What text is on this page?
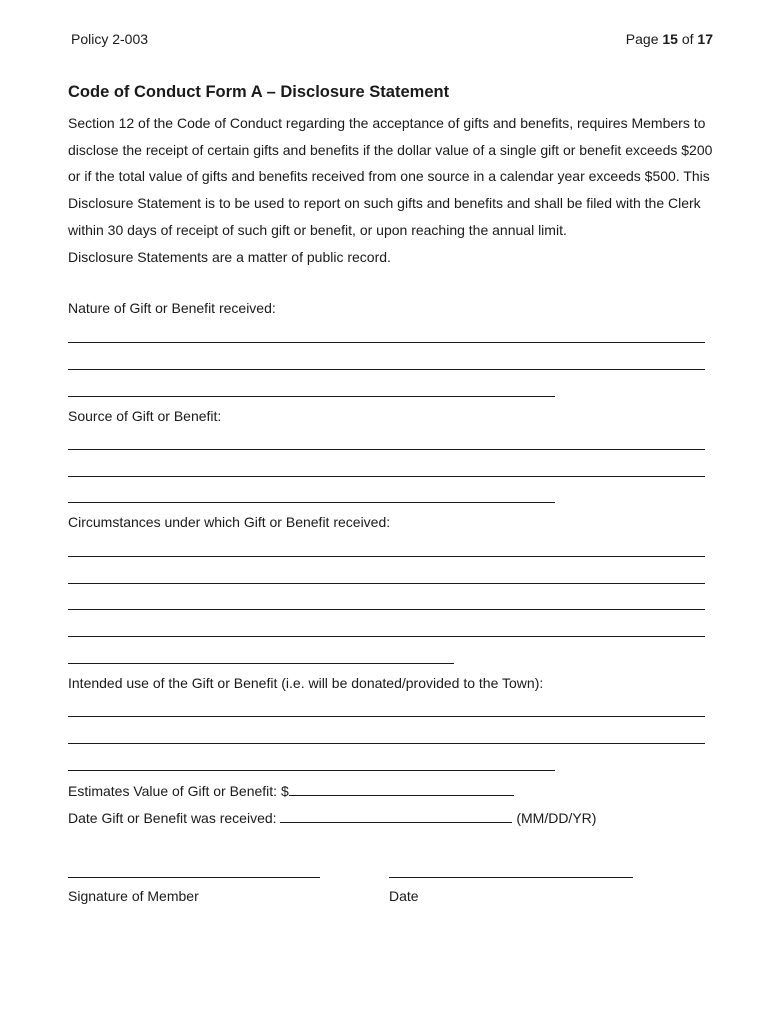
Policy 2-003	Page 15 of 17
Code of Conduct Form A – Disclosure Statement

Section 12 of the Code of Conduct regarding the acceptance of gifts and benefits, requires Members to disclose the receipt of certain gifts and benefits if the dollar value of a single gift or benefit exceeds $200 or if the total value of gifts and benefits received from one source in a calendar year exceeds $500. This Disclosure Statement is to be used to report on such gifts and benefits and shall be filed with the Clerk within 30 days of receipt of such gift or benefit, or upon reaching the annual limit.

Disclosure Statements are a matter of public record.

Nature of Gift or Benefit received:
Source of Gift or Benefit:
Circumstances under which Gift or Benefit received:
Intended use of the Gift or Benefit (i.e. will be donated/provided to the Town):
Estimates Value of Gift or Benefit: $
Date Gift or Benefit was received:	(MM/DD/YR)
Signature of Member	Date
